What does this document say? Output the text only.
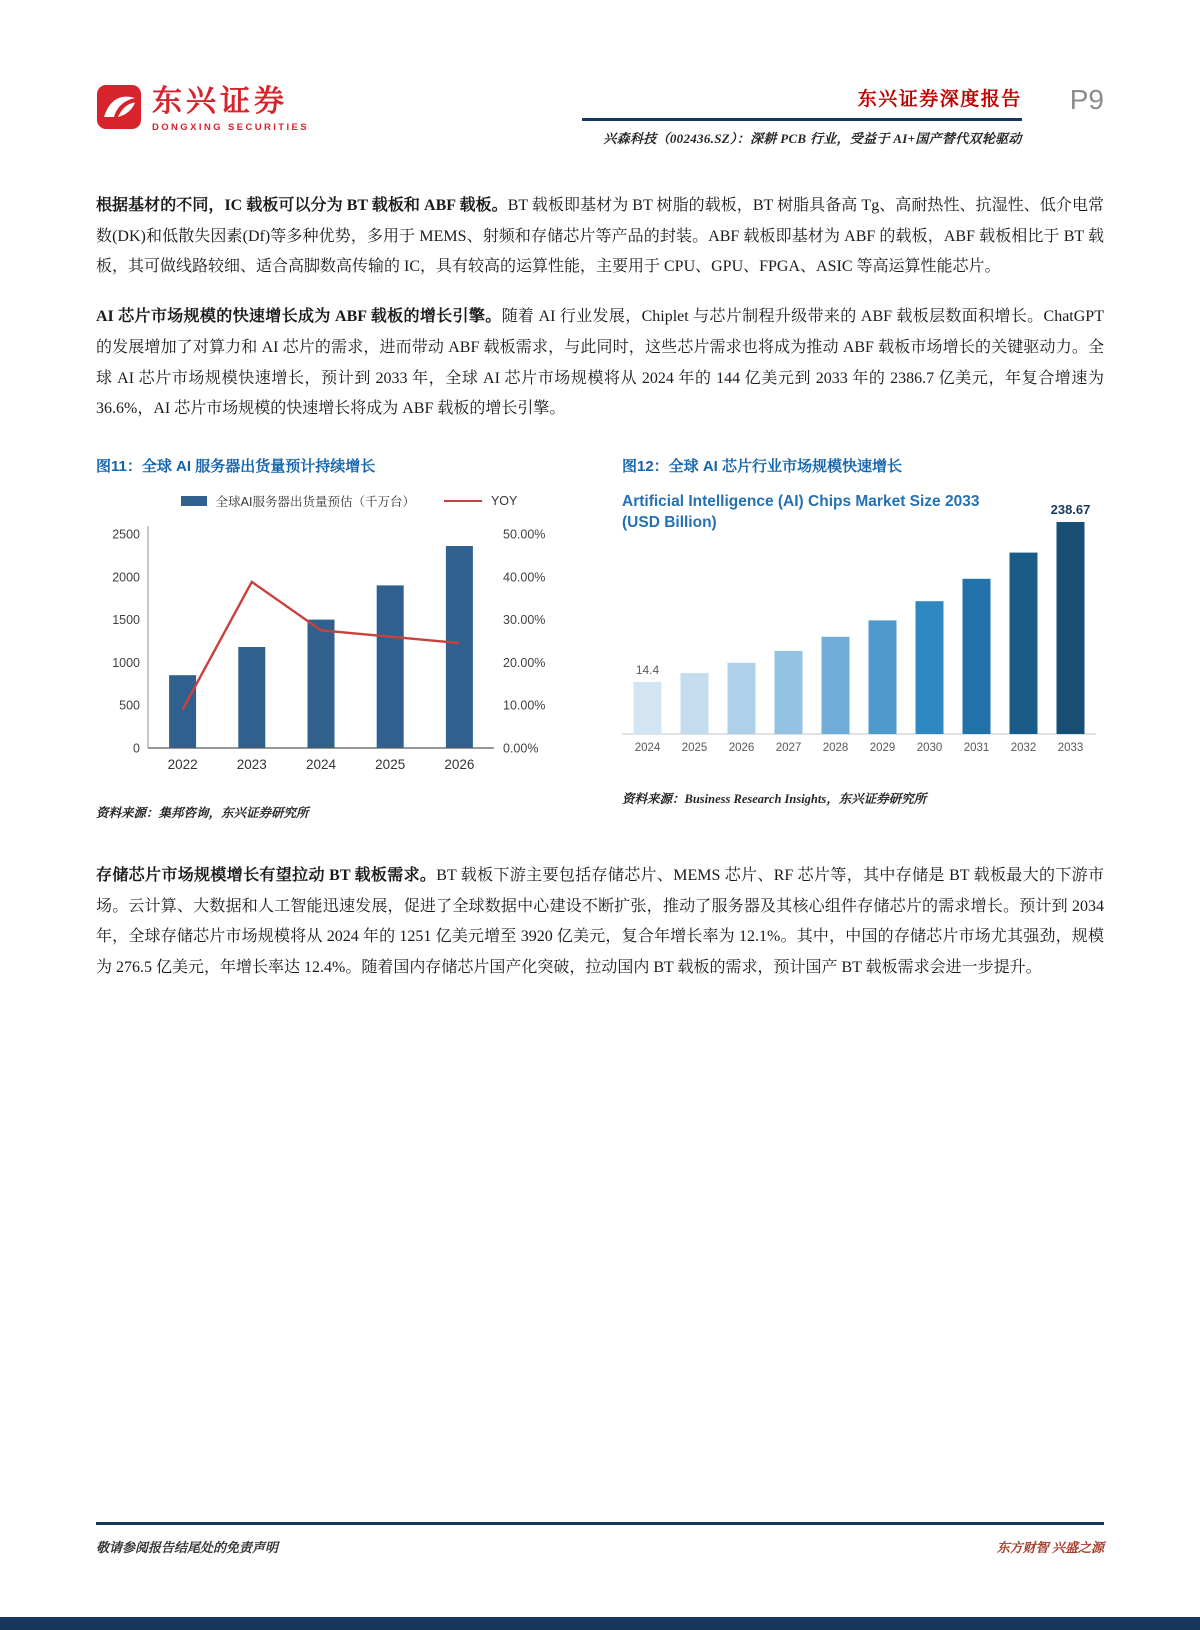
东兴证券
DONGXING SECURITIES
东兴证券深度报告
兴森科技（002436.SZ）：深耕 PCB 行业，受益于 AI+国产替代双轮驱动
P9

根据基材的不同，IC 载板可以分为 BT 载板和 ABF 载板。BT 载板即基材为 BT 树脂的载板，BT 树脂具备高 Tg、高耐热性、抗湿性、低介电常数(DK)和低散失因素(Df)等多种优势，多用于 MEMS、射频和存储芯片等产品的封装。ABF 载板即基材为 ABF 的载板，ABF 载板相比于 BT 载板，其可做线路较细、适合高脚数高传输的 IC，具有较高的运算性能，主要用于 CPU、GPU、FPGA、ASIC 等高运算性能芯片。

AI 芯片市场规模的快速增长成为 ABF 载板的增长引擎。随着 AI 行业发展，Chiplet 与芯片制程升级带来的 ABF 载板层数面积增长。ChatGPT 的发展增加了对算力和 AI 芯片的需求，进而带动 ABF 载板需求，与此同时，这些芯片需求也将成为推动 ABF 载板市场增长的关键驱动力。全球 AI 芯片市场规模快速增长，预计到 2033 年，全球 AI 芯片市场规模将从 2024 年的 144 亿美元到 2033 年的 2386.7 亿美元，年复合增速为 36.6%，AI 芯片市场规模的快速增长将成为 ABF 载板的增长引擎。

图11：全球 AI 服务器出货量预计持续增长
全球AI服务器出货量预估（千万台）	YOY
0
500
1000
1500
2000
2500
0.00%
10.00%
20.00%
30.00%
40.00%
50.00%
2022	2023	2024	2025	2026
资料来源：集邦咨询，东兴证券研究所
图12：全球 AI 芯片行业市场规模快速增长
Artificial Intelligence (AI) Chips Market Size 2033 (USD Billion)
2024
14.4
2025 2026 2027 2028 2029 2030 2031 2032 2033
238.67
资料来源：Business Research Insights，东兴证券研究所

存储芯片市场规模增长有望拉动 BT 载板需求。BT 载板下游主要包括存储芯片、MEMS 芯片、RF 芯片等，其中存储是 BT 载板最大的下游市场。云计算、大数据和人工智能迅速发展，促进了全球数据中心建设不断扩张，推动了服务器及其核心组件存储芯片的需求增长。预计到 2034 年，全球存储芯片市场规模将从 2024 年的 1251 亿美元增至 3920 亿美元，复合年增长率为 12.1%。其中，中国的存储芯片市场尤其强劲，规模为 276.5 亿美元，年增长率达 12.4%。随着国内存储芯片国产化突破，拉动国内 BT 载板的需求，预计国产 BT 载板需求会进一步提升。

敬请参阅报告结尾处的免责声明	东方财智 兴盛之源
